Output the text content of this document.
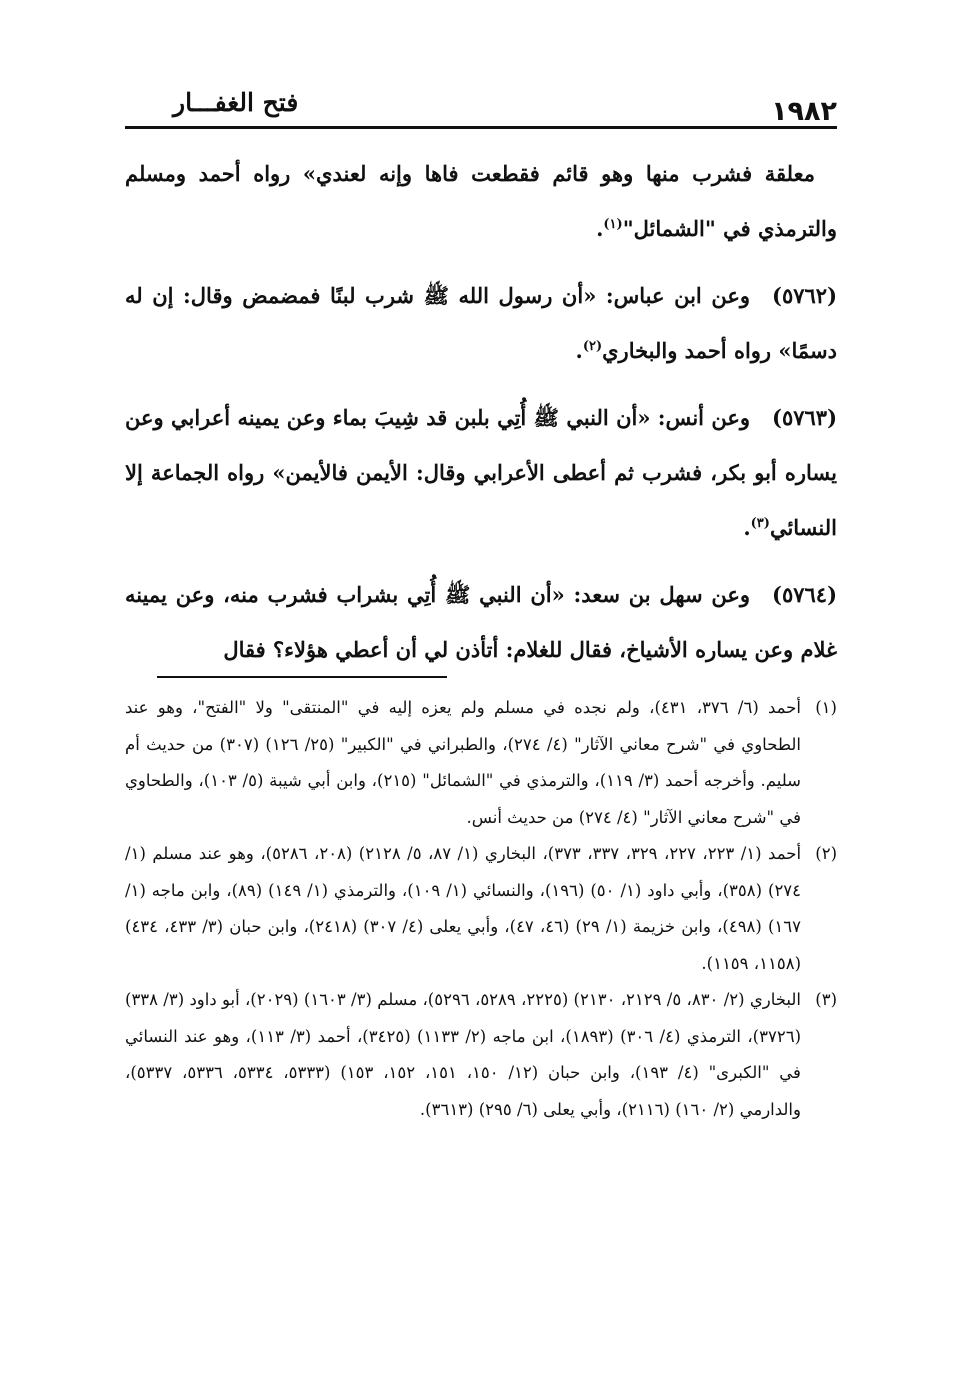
١٩٨٢
فتح الغفـــار

معلقة فشرب منها وهو قائم فقطعت فاها وإنه لعندي» رواه أحمد ومسلم والترمذي في "الشمائل"$^{(١)}$.

(٥٧٦٢)وعن ابن عباس: «أن رسول الله ﷺ شرب لبنًا فمضمض وقال: إن له دسمًا» رواه أحمد والبخاري$^{(٢)}$.

(٥٧٦٣)وعن أنس: «أن النبي ﷺ أُتِي بلبن قد شِيبَ بماء وعن يمينه أعرابي وعن يساره أبو بكر، فشرب ثم أعطى الأعرابي وقال: الأيمن فالأيمن» رواه الجماعة إلا النسائي$^{(٣)}$.

(٥٧٦٤)وعن سهل بن سعد: «أن النبي ﷺ أُتِي بشراب فشرب منه، وعن يمينه غلام وعن يساره الأشياخ، فقال للغلام: أتأذن لي أن أعطي هؤلاء؟ فقال

(١)أحمد (٦/ ٣٧٦، ٤٣١)، ولم نجده في مسلم ولم يعزه إليه في "المنتقى" ولا "الفتح"، وهو عند الطحاوي في "شرح معاني الآثار" (٤/ ٢٧٤)، والطبراني في "الكبير" (٢٥/ ١٢٦) (٣٠٧) من حديث أم سليم. وأخرجه أحمد (٣/ ١١٩)، والترمذي في "الشمائل" (٢١٥)، وابن أبي شيبة (٥/ ١٠٣)، والطحاوي في "شرح معاني الآثار" (٤/ ٢٧٤) من حديث أنس.

(٢)أحمد (١/ ٢٢٣، ٢٢٧، ٣٢٩، ٣٣٧، ٣٧٣)، البخاري (١/ ٨٧، ٥/ ٢١٢٨) (٢٠٨، ٥٢٨٦)، وهو عند مسلم (١/ ٢٧٤) (٣٥٨)، وأبي داود (١/ ٥٠) (١٩٦)، والنسائي (١/ ١٠٩)، والترمذي (١/ ١٤٩) (٨٩)، وابن ماجه (١/ ١٦٧) (٤٩٨)، وابن خزيمة (١/ ٢٩) (٤٦، ٤٧)، وأبي يعلى (٤/ ٣٠٧) (٢٤١٨)، وابن حبان (٣/ ٤٣٣، ٤٣٤) (١١٥٨، ١١٥٩).

(٣)البخاري (٢/ ٨٣٠، ٥/ ٢١٢٩، ٢١٣٠) (٢٢٢٥، ٥٢٨٩، ٥٢٩٦)، مسلم (٣/ ١٦٠٣) (٢٠٢٩)، أبو داود (٣/ ٣٣٨) (٣٧٢٦)، الترمذي (٤/ ٣٠٦) (١٨٩٣)، ابن ماجه (٢/ ١١٣٣) (٣٤٢٥)، أحمد (٣/ ١١٣)، وهو عند النسائي في "الكبرى" (٤/ ١٩٣)، وابن حبان (١٢/ ١٥٠، ١٥١، ١٥٢، ١٥٣) (٥٣٣٣، ٥٣٣٤، ٥٣٣٦، ٥٣٣٧)، والدارمي (٢/ ١٦٠) (٢١١٦)، وأبي يعلى (٦/ ٢٩٥) (٣٦١٣).
